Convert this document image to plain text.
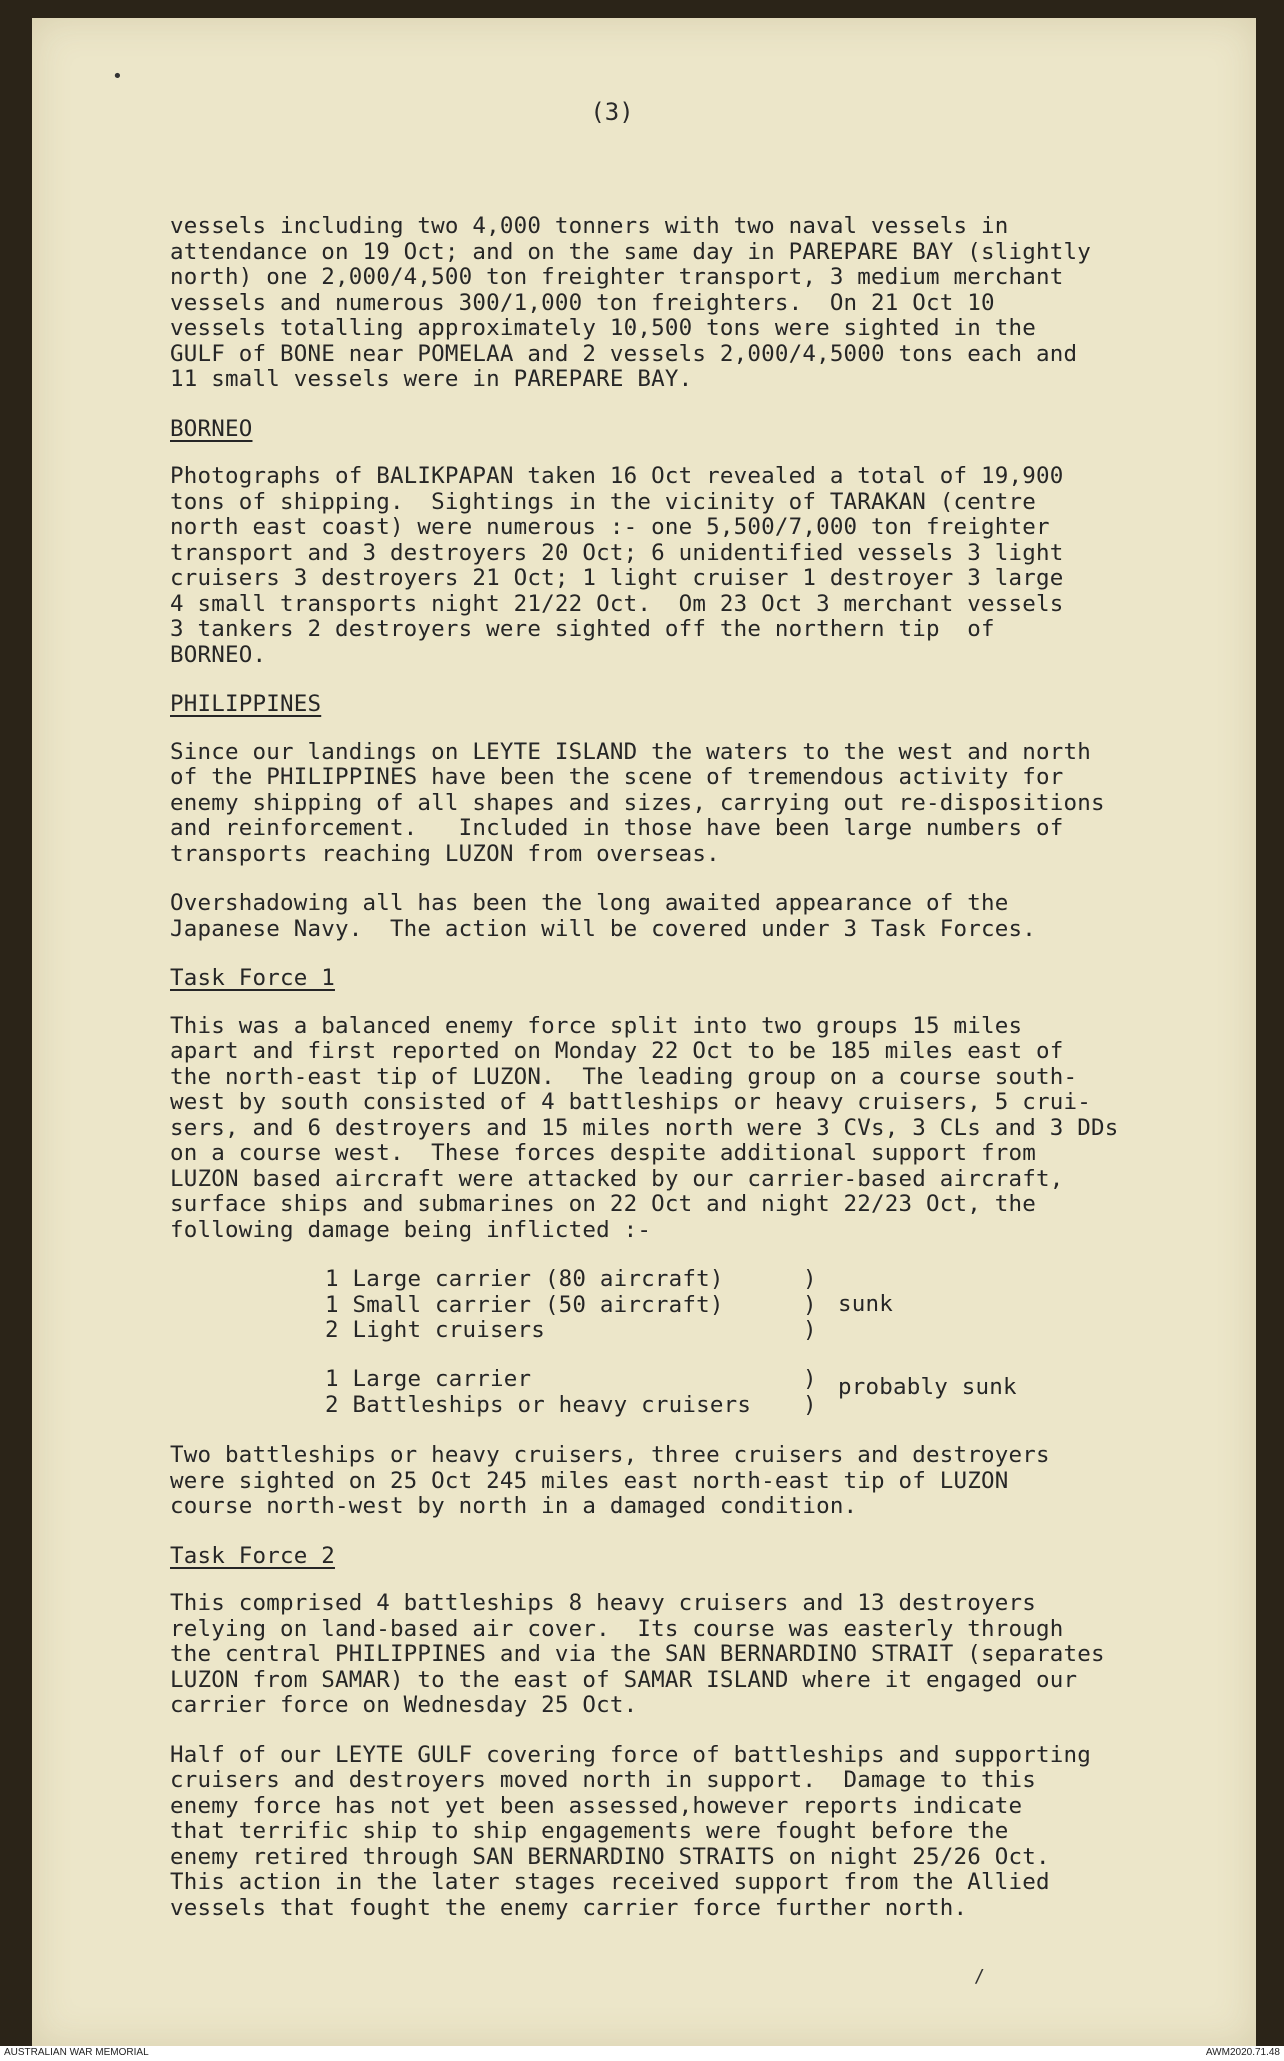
•
(3)
vessels including two 4,000 tonners with two naval vessels in
attendance on 19 Oct; and on the same day in PAREPARE BAY (slightly
north) one 2,000/4,500 ton freighter transport, 3 medium merchant
vessels and numerous 300/1,000 ton freighters.  On 21 Oct 10
vessels totalling approximately 10,500 tons were sighted in the
GULF of BONE near POMELAA and 2 vessels 2,000/4,5000 tons each and
11 small vessels were in PAREPARE BAY.
BORNEO
Photographs of BALIKPAPAN taken 16 Oct revealed a total of 19,900
tons of shipping.  Sightings in the vicinity of TARAKAN (centre
north east coast) were numerous :- one 5,500/7,000 ton freighter
transport and 3 destroyers 20 Oct; 6 unidentified vessels 3 light
cruisers 3 destroyers 21 Oct; 1 light cruiser 1 destroyer 3 large
4 small transports night 21/22 Oct.  Om 23 Oct 3 merchant vessels
3 tankers 2 destroyers were sighted off the northern tip  of
BORNEO.
PHILIPPINES
Since our landings on LEYTE ISLAND the waters to the west and north
of the PHILIPPINES have been the scene of tremendous activity for
enemy shipping of all shapes and sizes, carrying out re-dispositions
and reinforcement.   Included in those have been large numbers of
transports reaching LUZON from overseas.
Overshadowing all has been the long awaited appearance of the
Japanese Navy.  The action will be covered under 3 Task Forces.
Task Force 1
This was a balanced enemy force split into two groups 15 miles
apart and first reported on Monday 22 Oct to be 185 miles east of
the north-east tip of LUZON.  The leading group on a course south-
west by south consisted of 4 battleships or heavy cruisers, 5 crui-
sers, and 6 destroyers and 15 miles north were 3 CVs, 3 CLs and 3 DDs
on a course west.  These forces despite additional support from
LUZON based aircraft were attacked by our carrier-based aircraft,
surface ships and submarines on 22 Oct and night 22/23 Oct, the
following damage being inflicted :-
1 Large carrier (80 aircraft)
1 Small carrier (50 aircraft)
2 Light cruisers
)
)
)
sunk
1 Large carrier
2 Battleships or heavy cruisers
)
)
probably sunk
Two battleships or heavy cruisers, three cruisers and destroyers
were sighted on 25 Oct 245 miles east north-east tip of LUZON
course north-west by north in a damaged condition.
Task Force 2
This comprised 4 battleships 8 heavy cruisers and 13 destroyers
relying on land-based air cover.  Its course was easterly through
the central PHILIPPINES and via the SAN BERNARDINO STRAIT (separates
LUZON from SAMAR) to the east of SAMAR ISLAND where it engaged our
carrier force on Wednesday 25 Oct.
Half of our LEYTE GULF covering force of battleships and supporting
cruisers and destroyers moved north in support.  Damage to this
enemy force has not yet been assessed,however reports indicate
that terrific ship to ship engagements were fought before the
enemy retired through SAN BERNARDINO STRAITS on night 25/26 Oct.
This action in the later stages received support from the Allied
vessels that fought the enemy carrier force further north.
/
AUSTRALIAN WAR MEMORIAL	AWM2020.71.48
